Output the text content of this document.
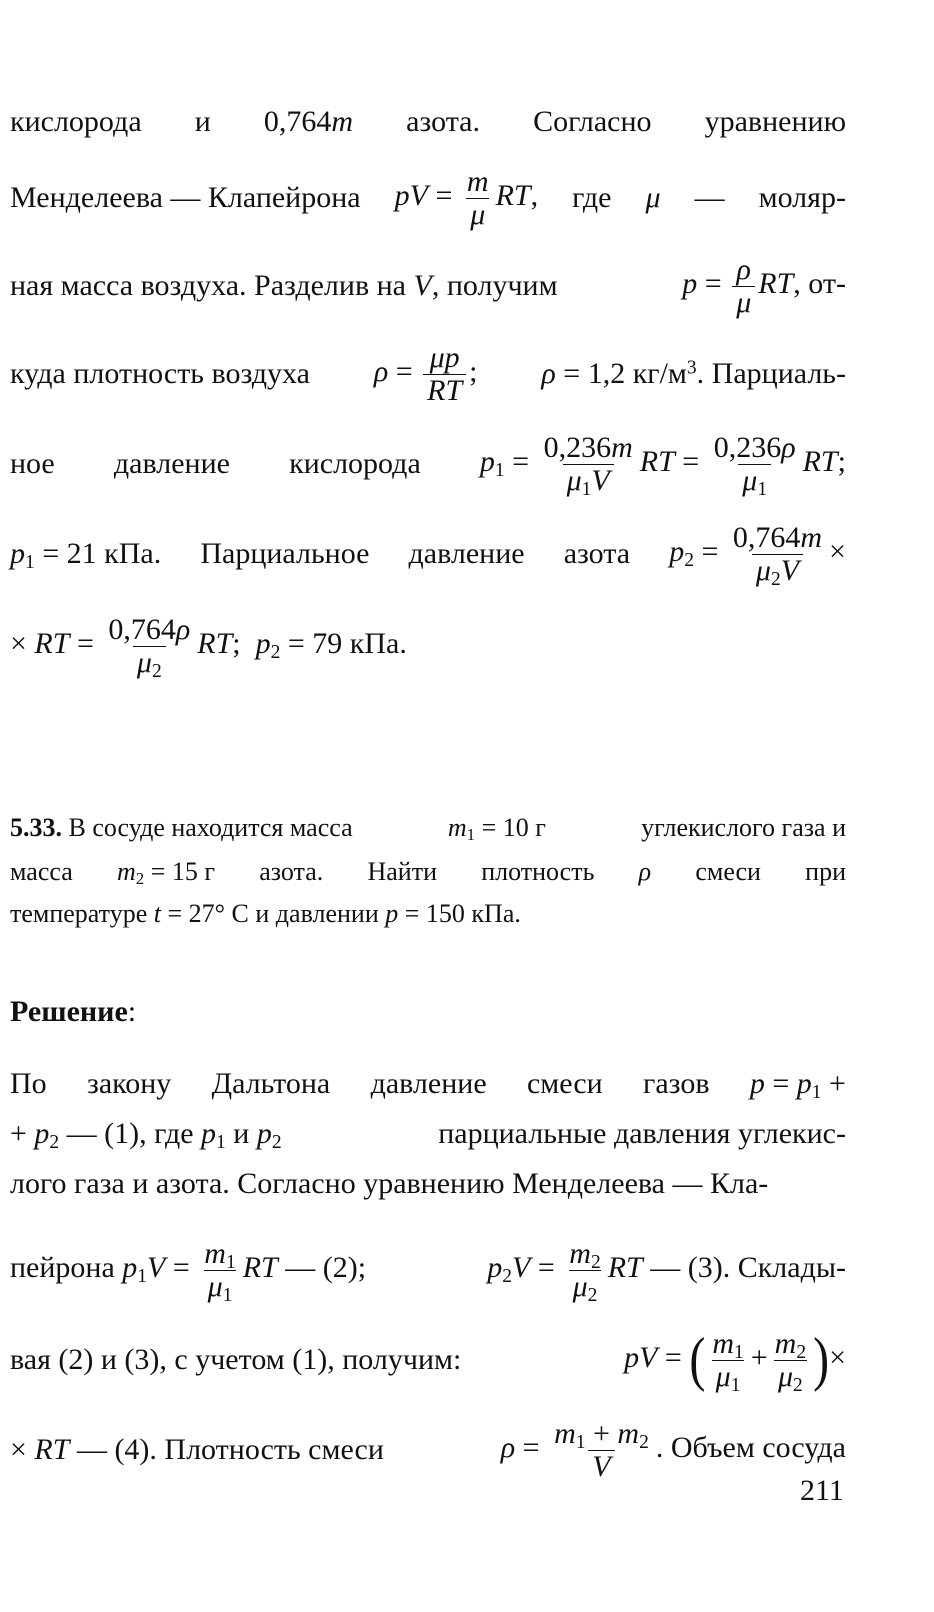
кислорода и 0,764m азота. Согласно уравнению
Менделеева — Клапейрона pV = $\frac{m}{\mu}$ RT, где μ — моляр-
ная масса воздуха. Разделив на V, получим	$p = \frac{\rho}{\mu}$ RT, от-
куда плотность воздуха $\rho = \frac{\mu p}{RT}$ ; ρ = 1,2 $кг/м^3$. Парциаль-
ное давление кислорода $p_1 = \frac{0,236m}{\mu_1V}$ RT = $\frac{0,236\rho}{\mu_1}$ RT;
$p_1 = 21$ кПа. Парциальное давление азота $p_2 = \frac{0,764m}{\mu_2V}$ ×
× RT = $\frac{0,764\rho}{\mu_2}$ RT;  $p_2 = 79$ кПа.
5.33. В сосуде находится масса	$m_1 = 10$ г	углекислого газа и
масса $m_2 = 15$ г азота. Найти плотность ρ смеси при
температуре t = 27° C и давлении p = 150 кПа.
Решение:
По закону Дальтона давление смеси газов $p = p_1$ +
+ $p_2$ — (1), где $p_1$ и $p_2$	парциальные давления углекис-
лого газа и азота. Согласно уравнению Менделеева — Кла-
пейрона $p_1V = \frac{m_1}{\mu_1}$ RT — (2);	$p_2V = \frac{m_2}{\mu_2}$ RT — (3). Склады-
вая (2) и (3), с учетом (1), получим:	pV = ( $\frac{m_1}{\mu_1} + \frac{m_2}{\mu_2}$ )×
× RT — (4). Плотность смеси	$\rho = \frac{m_1 + m_2}{V}$ . Объем сосуда
211
